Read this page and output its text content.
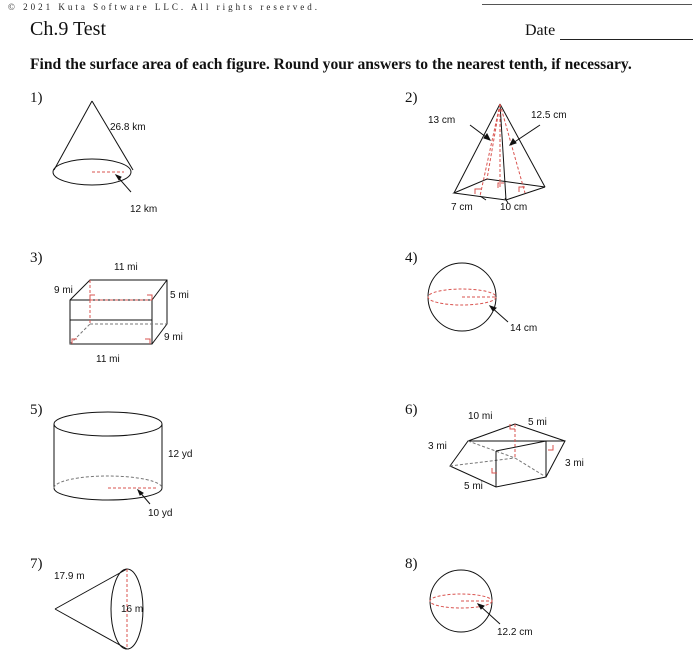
© 2021 Kuta Software LLC. All rights reserved.
Ch.9 Test	Date
Find the surface area of each figure. Round your answers to the nearest tenth, if necessary.
1)	2)
3)	4)
5)	6)
7)	8)
26.8 km
12 km
13 cm	12.5 cm
7 cm	10 cm
11 mi
9 mi	5 mi
9 mi
11 mi
14 cm
12 yd
10 yd
10 mi
5 mi
3 mi
3 mi
5 mi
17.9 m
16 m
12.2 cm
